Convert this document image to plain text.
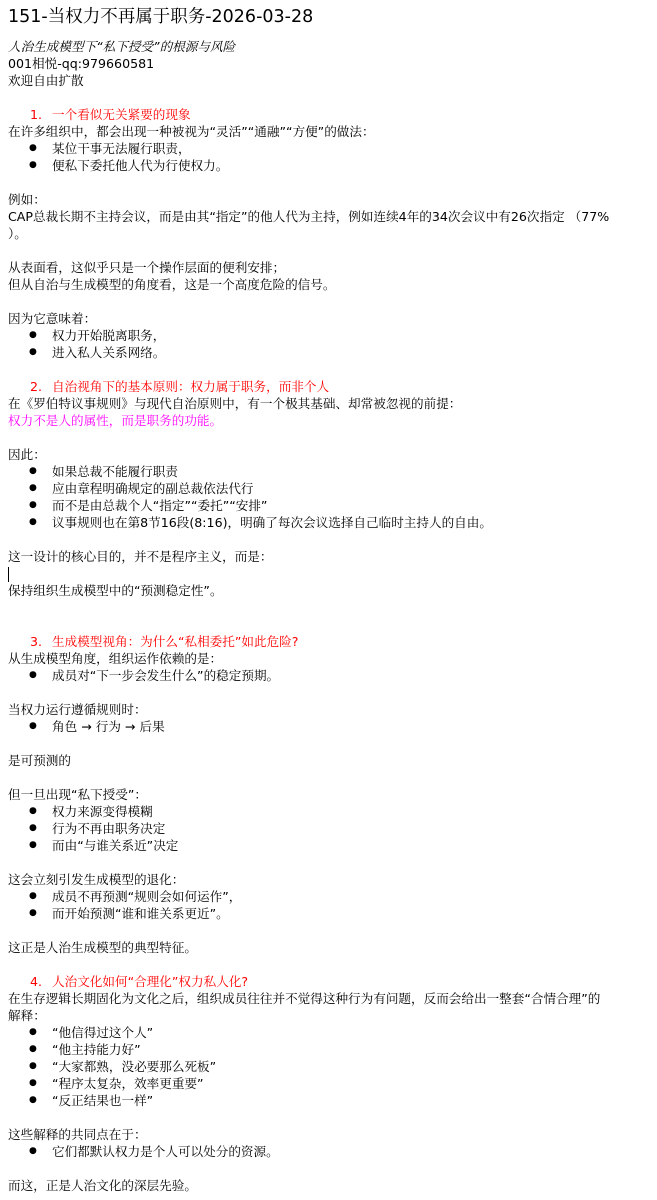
151-当权力不再属于职务-2026-03-28
人治生成模型下“私下授受”的根源与风险
001相悦-qq:979660581
欢迎自由扩散
1. 一个看似无关紧要的现象
在许多组织中，都会出现一种被视为“灵活”“通融”“方便”的做法：
● 某位干事无法履行职责，
● 便私下委托他人代为行使权力。
例如：
CAP总裁长期不主持会议，而是由其“指定”的他人代为主持，例如连续4年的34次会议中有26次指定 （77%
）。
从表面看，这似乎只是一个操作层面的便利安排；
但从自治与生成模型的角度看，这是一个高度危险的信号。
因为它意味着：
● 权力开始脱离职务，
● 进入私人关系网络。
2. 自治视角下的基本原则：权力属于职务，而非个人
在《罗伯特议事规则》与现代自治原则中，有一个极其基础、却常被忽视的前提：
权力不是人的属性，而是职务的功能。
因此：
● 如果总裁不能履行职责
● 应由章程明确规定的副总裁依法代行
● 而不是由总裁个人“指定”“委托”“安排”
● 议事规则也在第8节16段(8:16)，明确了每次会议选择自己临时主持人的自由。
这一设计的核心目的，并不是程序主义，而是：
保持组织生成模型中的“预测稳定性”。
3. 生成模型视角：为什么“私相委托”如此危险?
从生成模型角度，组织运作依赖的是：
● 成员对“下一步会发生什么”的稳定预期。
当权力运行遵循规则时：
● 角色 → 行为 → 后果
是可预测的
但一旦出现“私下授受”：
● 权力来源变得模糊
● 行为不再由职务决定
● 而由“与谁关系近”决定
这会立刻引发生成模型的退化：
● 成员不再预测“规则会如何运作”，
● 而开始预测“谁和谁关系更近”。
这正是人治生成模型的典型特征。
4. 人治文化如何“合理化”权力私人化?
在生存逻辑长期固化为文化之后，组织成员往往并不觉得这种行为有问题，反而会给出一整套“合情合理”的
解释：
● “他信得过这个人”
● “他主持能力好”
● “大家都熟，没必要那么死板”
● “程序太复杂，效率更重要”
● “反正结果也一样”
这些解释的共同点在于：
● 它们都默认权力是个人可以处分的资源。
而这，正是人治文化的深层先验。
